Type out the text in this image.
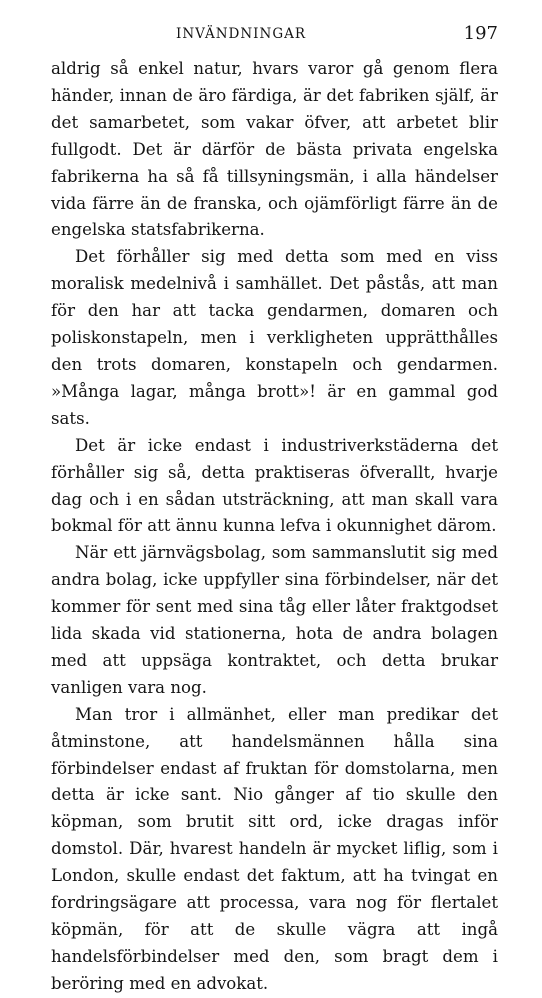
INVÄNDNINGAR	197

aldrig så enkel natur, hvars varor gå genom flera händer, innan de äro färdiga, är det fabriken själf, är det samarbetet, som vakar öfver, att arbetet blir fullgodt. Det är därför de bästa privata engelska fabrikerna ha så få tillsyningsmän, i alla händelser vida färre än de franska, och ojämförligt färre än de engelska statsfabrikerna.

Det förhåller sig med detta som med en viss moralisk medelnivå i samhället. Det påstås, att man för den har att tacka gendarmen, domaren och poliskonstapeln, men i verkligheten upprätthålles den trots domaren, konstapeln och gendarmen. »Många lagar, många brott»! är en gammal god sats.

Det är icke endast i industriverkstäderna det förhåller sig så, detta praktiseras öfverallt, hvarje dag och i en sådan utsträckning, att man skall vara bokmal för att ännu kunna lefva i okunnighet därom.

När ett järnvägsbolag, som sammanslutit sig med andra bolag, icke uppfyller sina förbindelser, när det kommer för sent med sina tåg eller låter fraktgodset lida skada vid stationerna, hota de andra bolagen med att uppsäga kontraktet, och detta brukar vanligen vara nog.

Man tror i allmänhet, eller man predikar det åtminstone, att handelsmännen hålla sina förbindelser endast af fruktan för domstolarna, men detta är icke sant. Nio gånger af tio skulle den köpman, som brutit sitt ord, icke dragas inför domstol. Där, hvarest handeln är mycket liflig, som i London, skulle endast det faktum, att ha tvingat en fordringsägare att processa, vara nog för flertalet köpmän, för att de skulle vägra att ingå handelsförbindelser med den, som bragt dem i beröring med en advokat.
